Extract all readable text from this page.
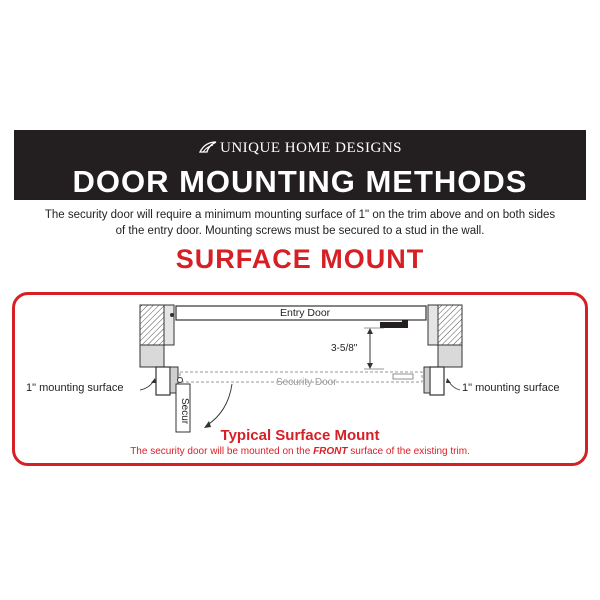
UNIQUE HOME DESIGNS
DOOR MOUNTING METHODS
The security door will require a minimum mounting surface of 1" on the trim above and on both sides
of the entry door. Mounting screws must be secured to a stud in the wall.
SURFACE MOUNT
Entry Door
Security Door
3-5/8"
1" mounting surface	1" mounting surface
Secur
Typical Surface Mount
The security door will be mounted on the FRONT surface of the existing trim.
